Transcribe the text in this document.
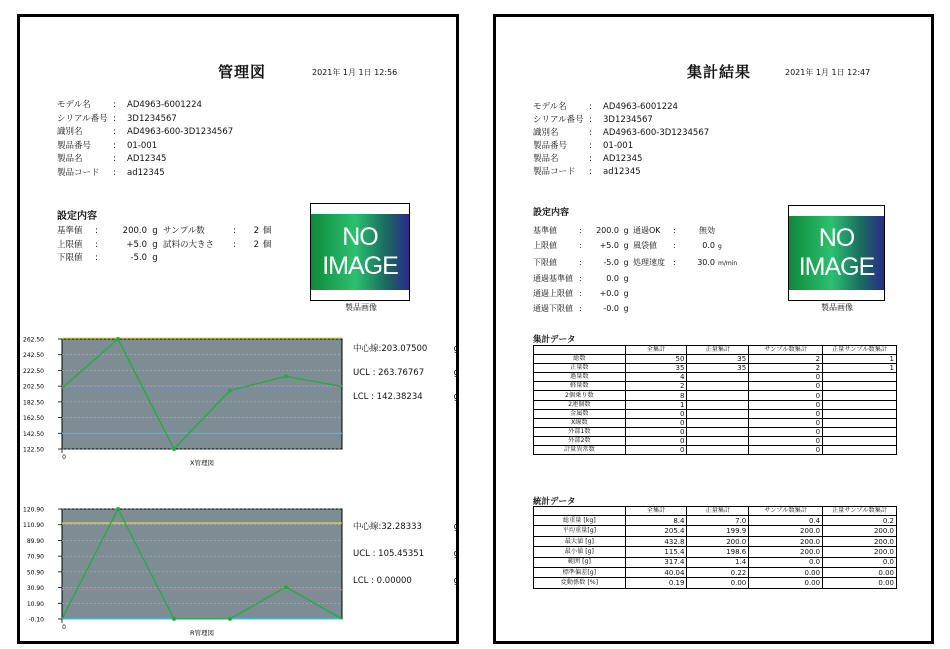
管理図	2021年 1月 1日 12:56
モデル名	: AD4963-6001224
シリアル番号 : 3D1234567
識別名	: AD4963-600-3D1234567
製品番号	: 01-001
製品名	: AD12345
製品コード : ad12345
設定内容
基準値 :	200.0 g サンプル数	: 2 個
上限値 :	+5.0 g 試料の大きさ : 2 個
下限値 :	-5.0 g
NO IMAGE
製品画像
262.50
242.50
222.50
202.50
182.50
162.50
142.50
122.50
0
X管理図
中心線:203.07500	g
UCL : 263.76767	g
LCL : 142.38234	g
120.90
110.90
89.90
70.90
50.90
30.90
10.90
-0.10
0
R管理図
中心線:32.28333	g
UCL : 105.45351	g
LCL : 0.00000	g
集計結果	2021年 1月 1日 12:47
モデル名	: AD4963-6001224
シリアル番号 : 3D1234567
識別名	: AD4963-600-3D1234567
製品番号	: 01-001
製品名	: AD12345
製品コード : ad12345
設定内容
基準値	: 200.0 g 通過OK :	無効
上限値	: +5.0 g 風袋値 :	0.0 g
下限値	:	-5.0 g 処理速度 :	30.0 m/min
通過基準値 :	0.0 g
通過上限値 : +0.0 g
通過下限値 :	-0.0 g
NO IMAGE
製品画像
集計データ
	全集計	正量集計	サンプル数集計	正量サンプル数集計
総数	50	35	2	1
正量数	35	35	2	1
過量数	4		0	
軽量数	2		0	
2個乗り数	8		0	
2連個数	1		0	
金属数	0		0	
X線数	0		0	
外部1数	0		0	
外部2数	0		0	
計量異常数	0		0	
統計データ
	全集計	正量集計	サンプル数集計	正量サンプル数集計
総重量 [kg]	8.4	7.0	0.4	0.2
平均重量[g]	205.4	199.9	200.0	200.0
最大値 [g]	432.8	200.0	200.0	200.0
最小値 [g]	115.4	198.6	200.0	200.0
範囲 [g]	317.4	1.4	0.0	0.0
標準偏差[g]	40.04	0.22	0.00	0.00
変動係数 [%]	0.19	0.00	0.00	0.00
